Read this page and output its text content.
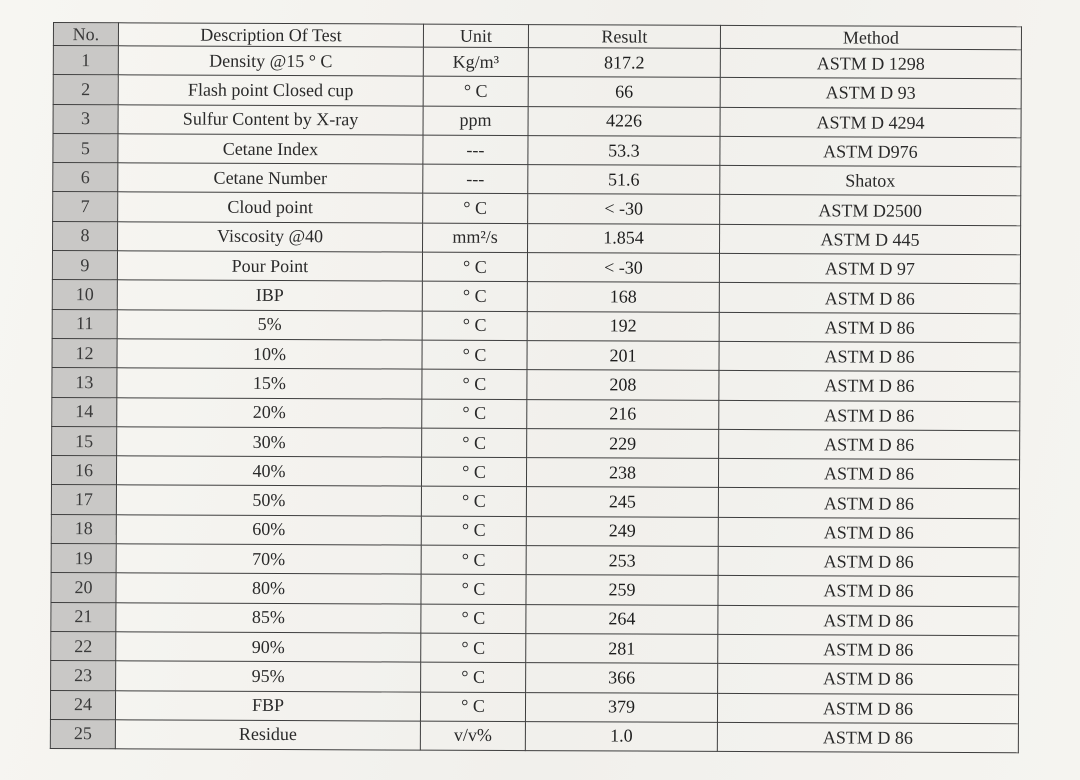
No.	Description Of Test	Unit	Result	Method
1	Density @15 ° C	Kg/m³	817.2	ASTM D 1298
2	Flash point Closed cup	° C	66	ASTM D 93
3	Sulfur Content by X-ray	ppm	4226	ASTM D 4294
5	Cetane Index	---	53.3	ASTM D976
6	Cetane Number	---	51.6	Shatox
7	Cloud point	° C	< -30	ASTM D2500
8	Viscosity @40	mm²/s	1.854	ASTM D 445
9	Pour Point	° C	< -30	ASTM D 97
10	IBP	° C	168	ASTM D 86
11	5%	° C	192	ASTM D 86
12	10%	° C	201	ASTM D 86
13	15%	° C	208	ASTM D 86
14	20%	° C	216	ASTM D 86
15	30%	° C	229	ASTM D 86
16	40%	° C	238	ASTM D 86
17	50%	° C	245	ASTM D 86
18	60%	° C	249	ASTM D 86
19	70%	° C	253	ASTM D 86
20	80%	° C	259	ASTM D 86
21	85%	° C	264	ASTM D 86
22	90%	° C	281	ASTM D 86
23	95%	° C	366	ASTM D 86
24	FBP	° C	379	ASTM D 86
25	Residue	v/v%	1.0	ASTM D 86
